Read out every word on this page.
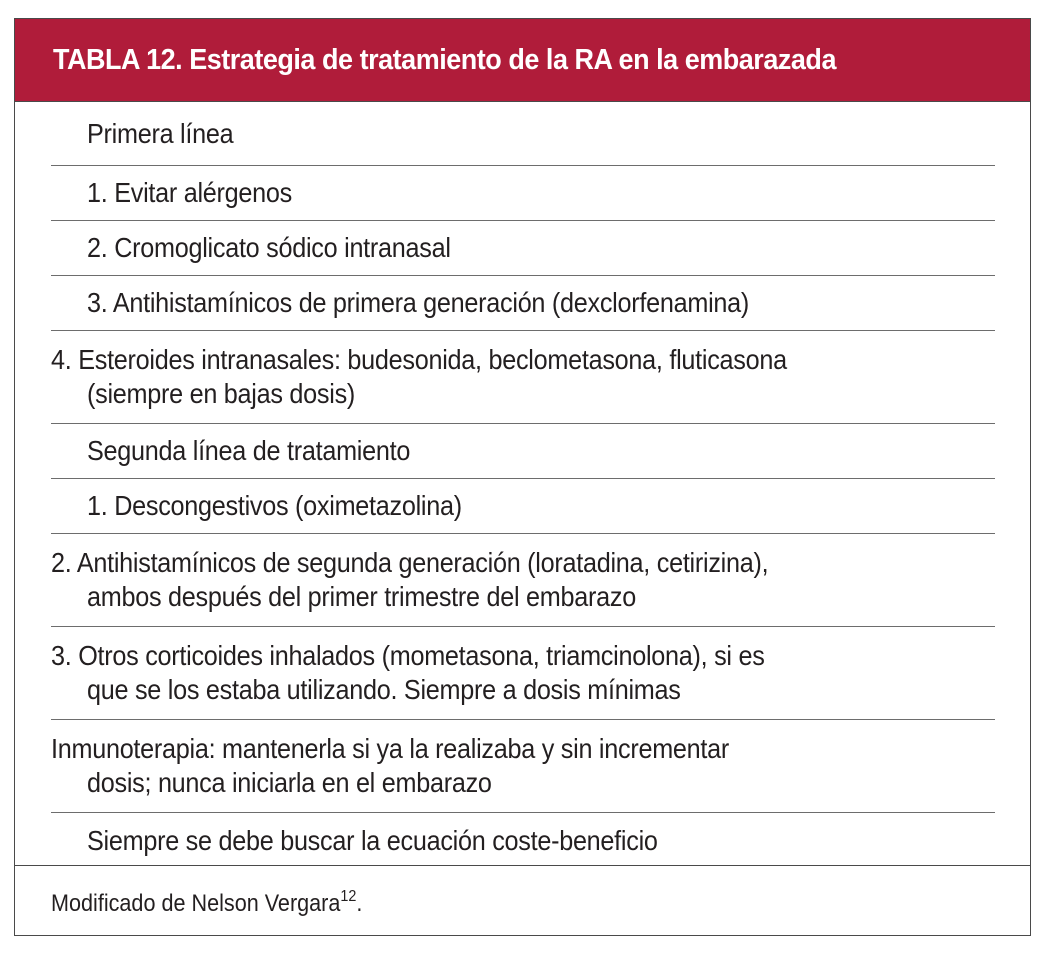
TABLA 12. Estrategia de tratamiento de la RA en la embarazada
Primera línea
1. Evitar alérgenos
2. Cromoglicato sódico intranasal
3. Antihistamínicos de primera generación (dexclorfenamina)
4. Esteroides intranasales: budesonida, beclometasona, fluticasona
(siempre en bajas dosis)
Segunda línea de tratamiento
1. Descongestivos (oximetazolina)
2. Antihistamínicos de segunda generación (loratadina, cetirizina),
ambos después del primer trimestre del embarazo
3. Otros corticoides inhalados (mometasona, triamcinolona), si es
que se los estaba utilizando. Siempre a dosis mínimas
Inmunoterapia: mantenerla si ya la realizaba y sin incrementar
dosis; nunca iniciarla en el embarazo
Siempre se debe buscar la ecuación coste-beneficio
Modificado de Nelson Vergara$^{12}$.
